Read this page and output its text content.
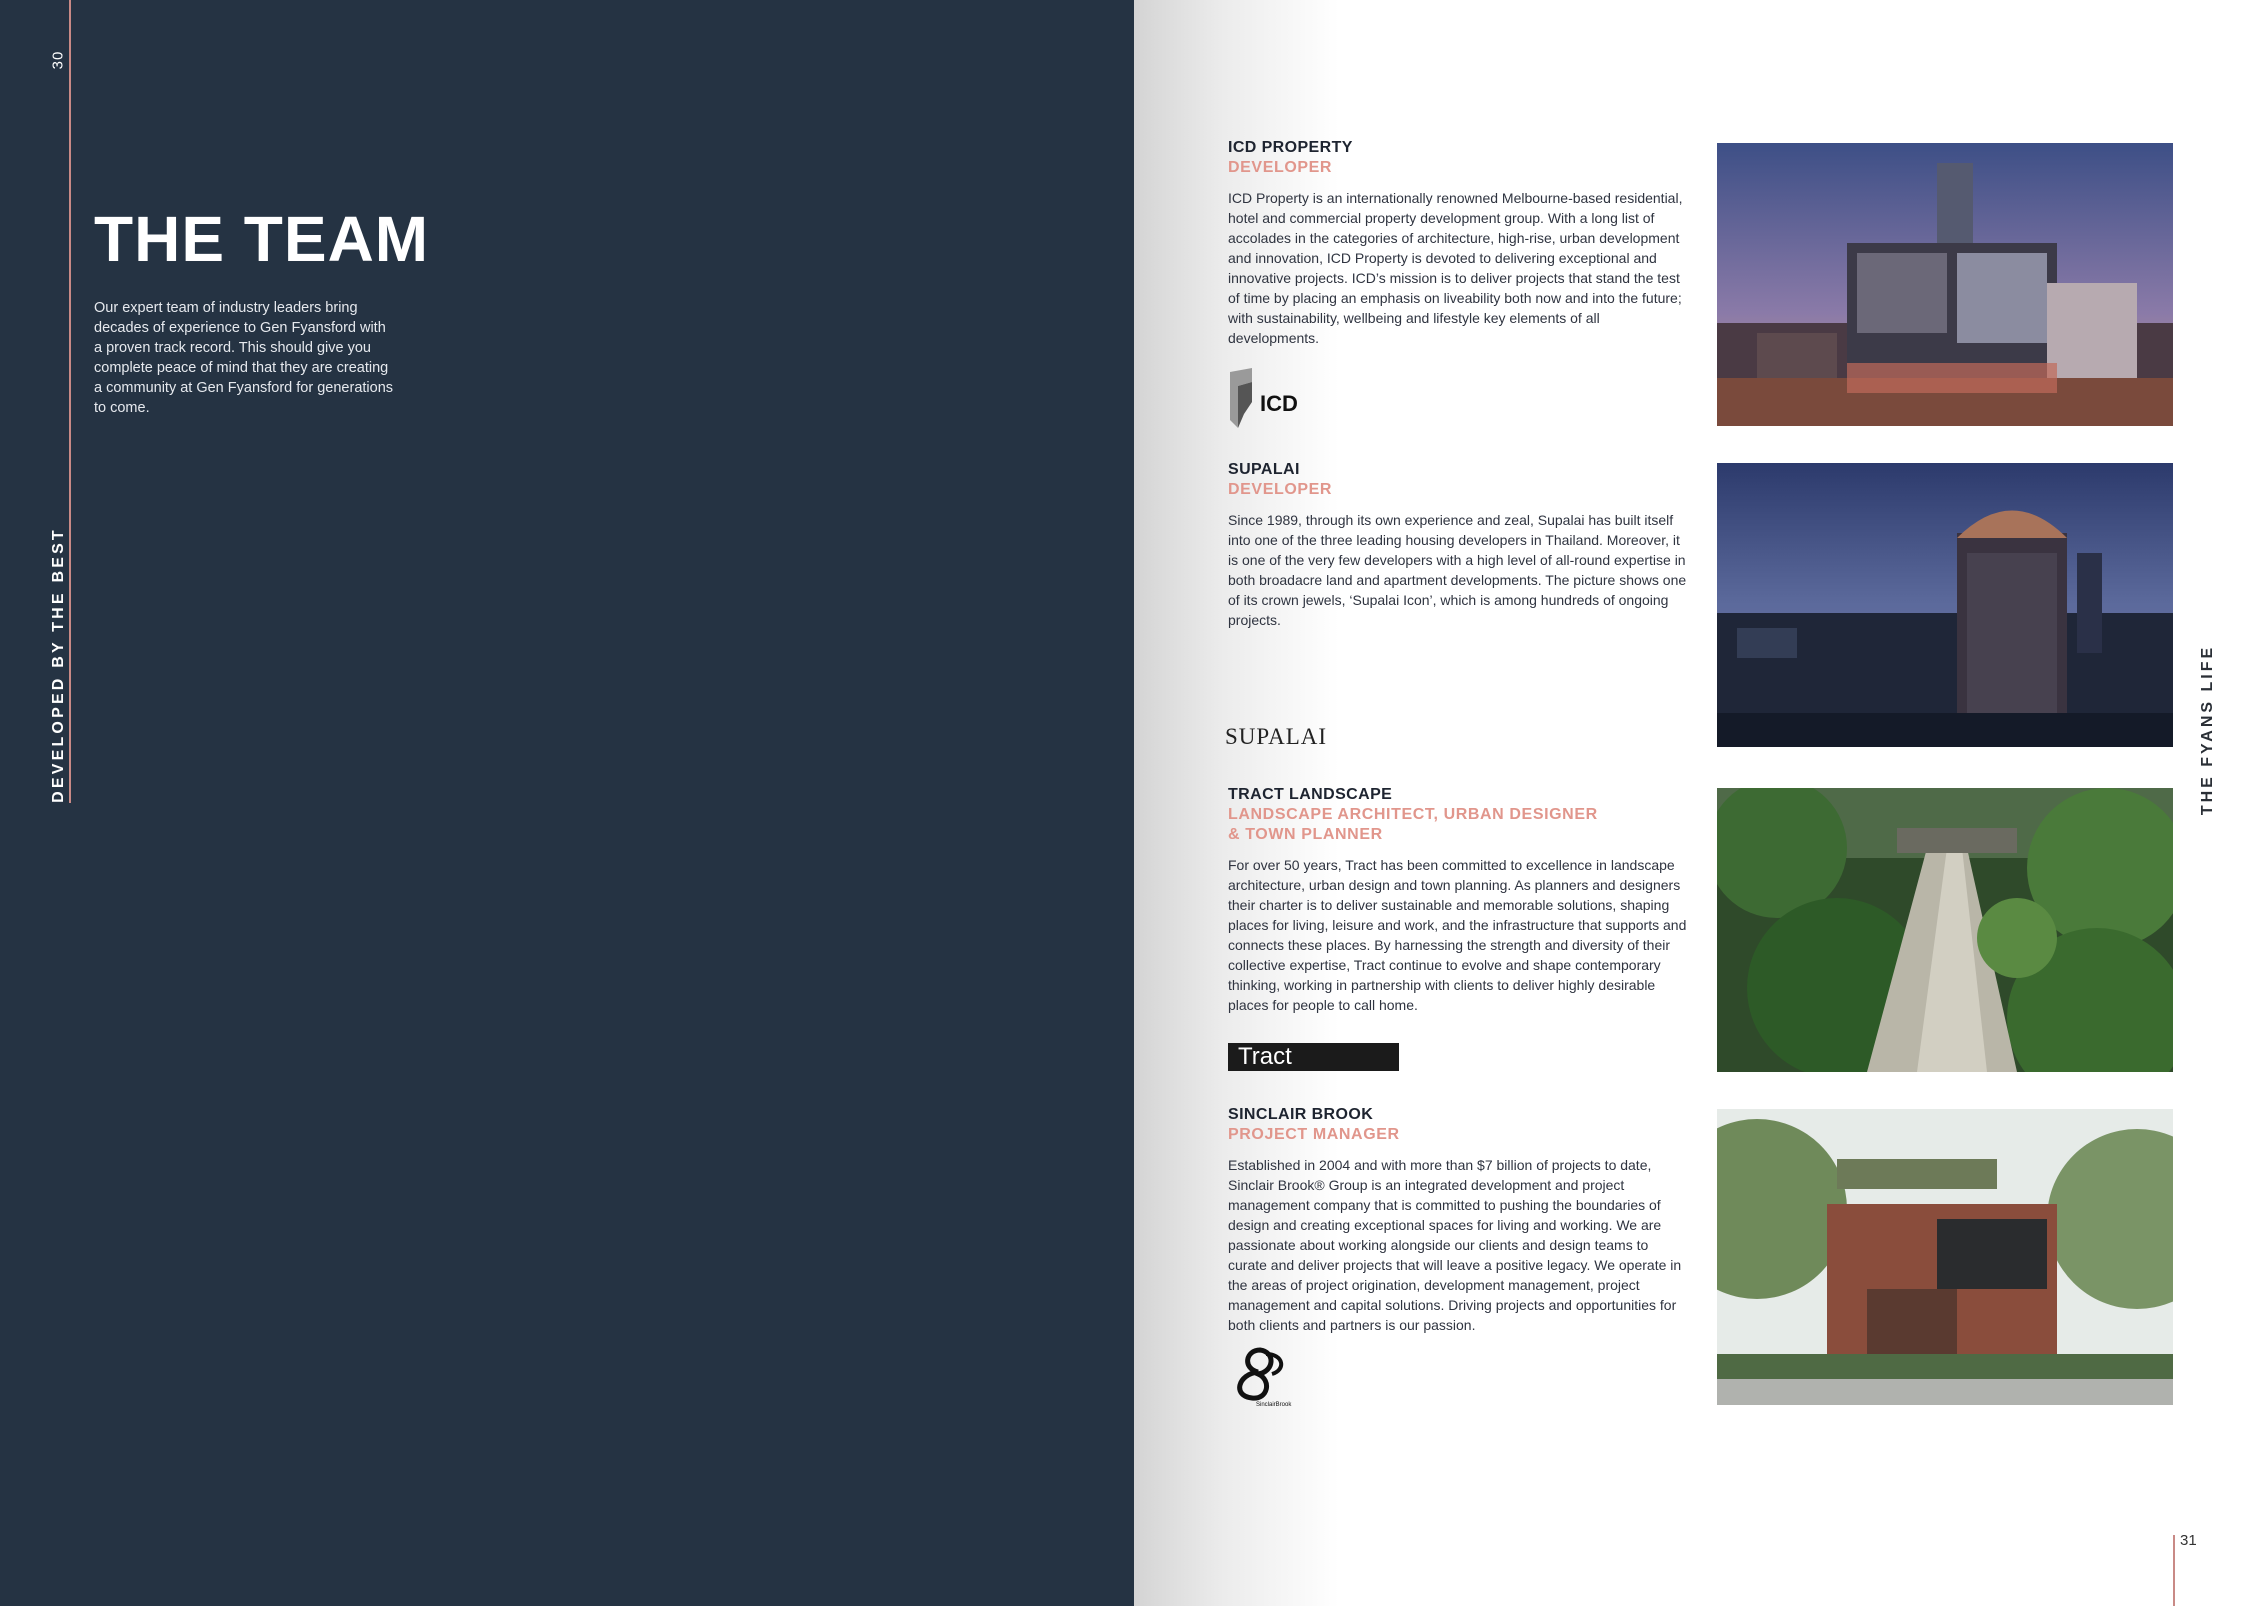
30
DEVELOPED BY THE BEST
THE TEAM

Our expert team of industry leaders bring decades of experience to Gen Fyansford with a proven track record. This should give you complete peace of mind that they are creating a community at Gen Fyansford for generations to come.

THE FYANS LIFE
31

ICD PROPERTY

DEVELOPER

ICD Property is an internationally renowned Melbourne-based residential, hotel and commercial property development group. With a long list of accolades in the categories of architecture, high-rise, urban development and innovation, ICD Property is devoted to delivering exceptional and innovative projects. ICD’s mission is to deliver projects that stand the test of time by placing an emphasis on liveability both now and into the future; with sustainability, wellbeing and lifestyle key elements of all developments.

ICD

SUPALAI

DEVELOPER

Since 1989, through its own experience and zeal, Supalai has built itself into one of the three leading housing developers in Thailand. Moreover, it is one of the very few developers with a high level of all-round expertise in both broadacre land and apartment developments. The picture shows one of its crown jewels, ‘Supalai Icon’, which is among hundreds of ongoing projects.

SUPALAI

TRACT LANDSCAPE

LANDSCAPE ARCHITECT, URBAN DESIGNER

& TOWN PLANNER

For over 50 years, Tract has been committed to excellence in landscape architecture, urban design and town planning. As planners and designers their charter is to deliver sustainable and memorable solutions, shaping places for living, leisure and work, and the infrastructure that supports and connects these places. By harnessing the strength and diversity of their collective expertise, Tract continue to evolve and shape contemporary thinking, working in partnership with clients to deliver highly desirable places for people to call home.

Tract

SINCLAIR BROOK

PROJECT MANAGER

Established in 2004 and with more than $7 billion of projects to date, Sinclair Brook® Group is an integrated development and project management company that is committed to pushing the boundaries of design and creating exceptional spaces for living and working. We are passionate about working alongside our clients and design teams to curate and deliver projects that will leave a positive legacy. We operate in the areas of project origination, development management, project management and capital solutions. Driving projects and opportunities for both clients and partners is our passion.

SinclairBrook
